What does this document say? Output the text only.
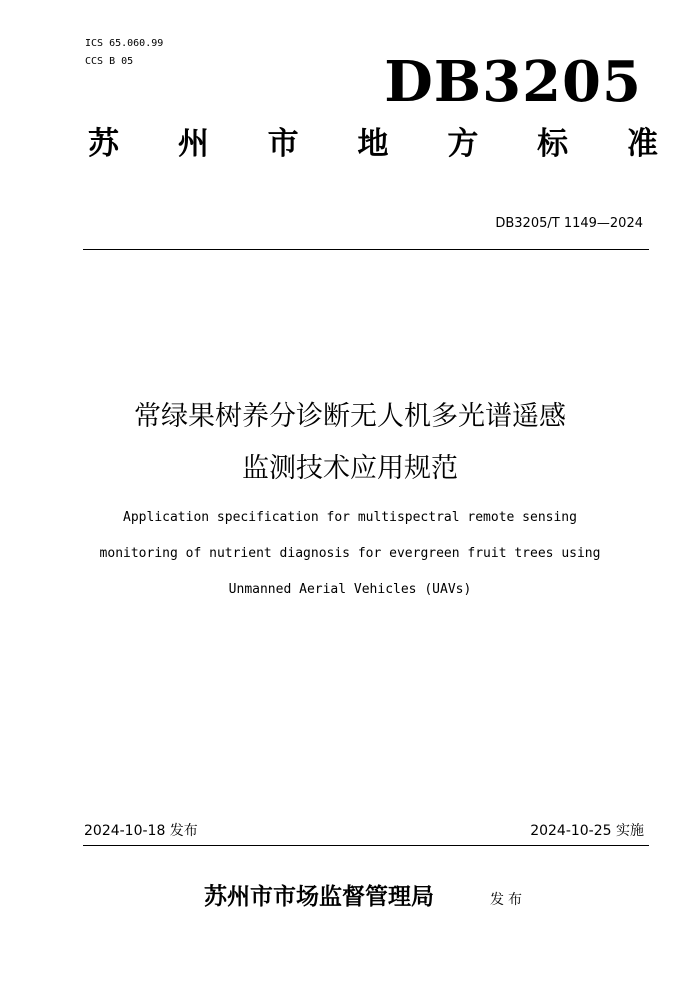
ICS 65.060.99
CCS B 05	DB3205
苏 州 市 地 方 标 准
DB3205/T 1149—2024
常绿果树养分诊断无人机多光谱遥感
监测技术应用规范
Application specification for multispectral remote sensing
monitoring of nutrient diagnosis for evergreen fruit trees using
Unmanned Aerial Vehicles (UAVs)
2024-10-18 发布	2024-10-25 实施
苏州市市场监督管理局	发布
